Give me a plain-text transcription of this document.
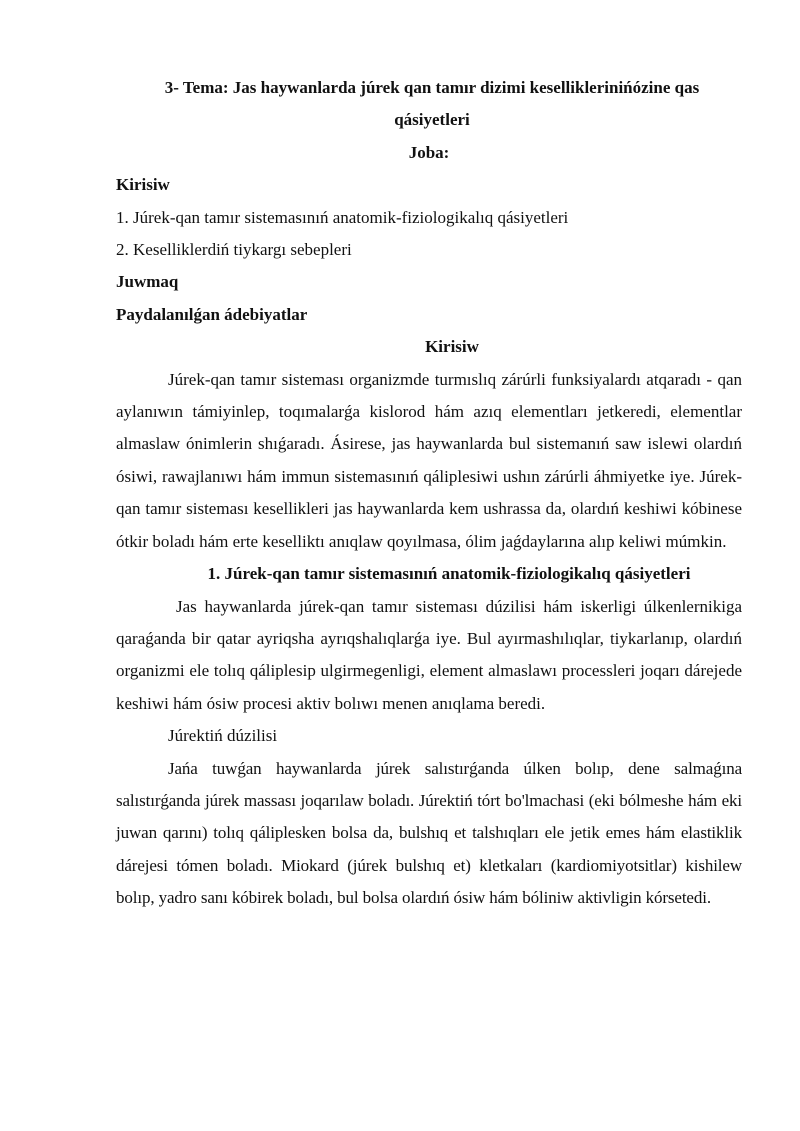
3- Tema: Jas haywanlarda júrek qan tamır dizimi keselliklerinińózine qas
qásiyetleri

Joba:

Kirisiw

1. Júrek-qan tamır sistemasınıń anatomik-fiziologikalıq qásiyetleri

2. Keselliklerdiń tiykargı sebepleri

Juwmaq

Paydalanılǵan ádebiyatlar

Kirisiw

Júrek-qan tamır sisteması organizmde turmıslıq zárúrli funksiyalardı atqaradı - qan aylanıwın támiyinlep, toqımalarǵa kislorod hám azıq elementları jetkeredi, elementlar almaslaw ónimlerin shıǵaradı. Ásirese, jas haywanlarda bul sistemanıń saw islewi olardıń ósiwi, rawajlanıwı hám immun sistemasınıń qáliplesiwi ushın zárúrli áhmiyetke iye. Júrek-qan tamır sisteması kesellikleri jas haywanlarda kem ushrassa da, olardıń keshiwi kóbinese ótkir boladı hám erte keselliktı anıqlaw qoyılmasa, ólim jaǵdaylarına alıp keliwi múmkin.

1. Júrek-qan tamır sistemasınıń anatomik-fiziologikalıq qásiyetleri

Jas haywanlarda júrek-qan tamır sisteması dúzilisi hám iskerligi úlkenlernikiga qaraǵanda bir qatar ayriqsha ayrıqshalıqlarǵa iye. Bul ayırmashılıqlar, tiykarlanıp, olardıń organizmi ele tolıq qáliplesip ulgirmegenligi, element almaslawı processleri joqarı dárejede keshiwi hám ósiw procesi aktiv bolıwı menen anıqlama beredi.

Júrektiń dúzilisi

Jańa tuwǵan haywanlarda júrek salıstırǵanda úlken bolıp, dene salmaǵına salıstırǵanda júrek massası joqarılaw boladı. Júrektiń tórt bo'lmachasi (eki bólmeshe hám eki juwan qarını) tolıq qáliplesken bolsa da, bulshıq et talshıqları ele jetik emes hám elastiklik dárejesi tómen boladı. Miokard (júrek bulshıq et) kletkaları (kardiomiyotsitlar) kishilew bolıp, yadro sanı kóbirek boladı, bul bolsa olardıń ósiw hám bóliniw aktivligin kórsetedi.
